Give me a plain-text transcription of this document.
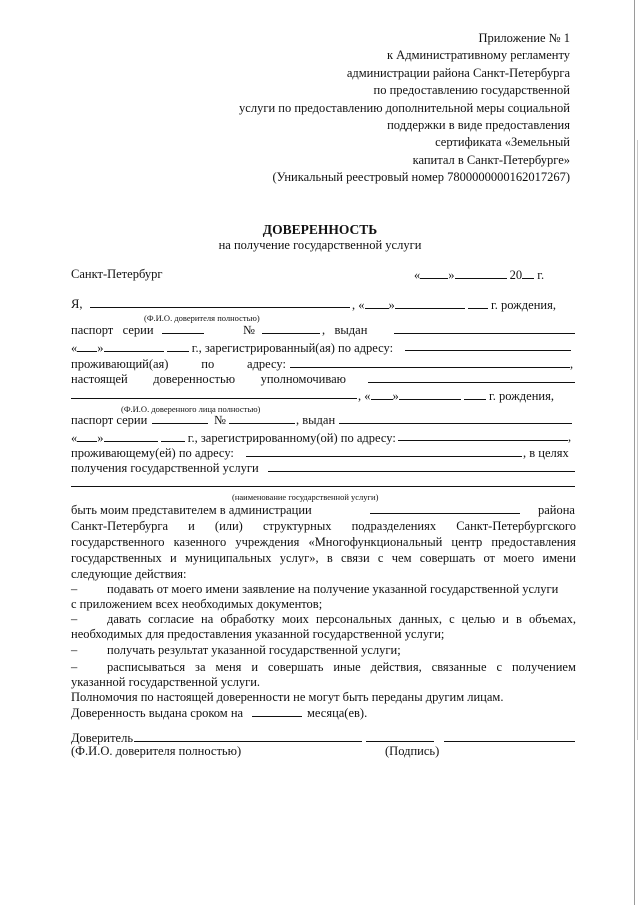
Приложение № 1
к Административному регламенту
администрации района Санкт-Петербурга
по предоставлению государственной
услуги по предоставлению дополнительной меры социальной
поддержки в виде предоставления
сертификата «Земельный
капитал в Санкт-Петербурге»
(Уникальный реестровый номер 7800000000162017267)
ДОВЕРЕННОСТЬ
на получение государственной услуги
Санкт-Петербург	« »	20 г.
Я,	, « »	г. рождения,
(Ф.И.О. доверителя полностью)
паспорт серии	№	, выдан
« »	г., зарегистрированный(ая) по адресу:
проживающий(ая)	по	адресу:	,
настоящей доверенностью уполномочиваю
, « »	г. рождения,
(Ф.И.О. доверенного лица полностью)
паспорт серии	№	, выдан
« »	г., зарегистрированному(ой) по адресу:	,
проживающему(ей) по адресу:	, в целях
получения государственной услуги
(наименование государственной услуги)
быть моим представителем в администрации	района
Санкт-Петербурга и (или) структурных подразделениях Санкт-Петербургского
государственного казенного учреждения «Многофункциональный центр предоставления
государственных и муниципальных услуг», в связи с чем совершать от моего имени
следующие действия:
– подавать от моего имени заявление на получение указанной государственной услуги
с приложением всех необходимых документов;
– давать согласие на обработку моих персональных данных, с целью и в объемах,
необходимых для предоставления указанной государственной услуги;
– получать результат указанной государственной услуги;
– расписываться за меня и совершать иные действия, связанные с получением
указанной государственной услуги.
Полномочия по настоящей доверенности не могут быть переданы другим лицам.
Доверенность выдана сроком на	месяца(ев).
Доверитель
(Ф.И.О. доверителя полностью)	(Подпись)
